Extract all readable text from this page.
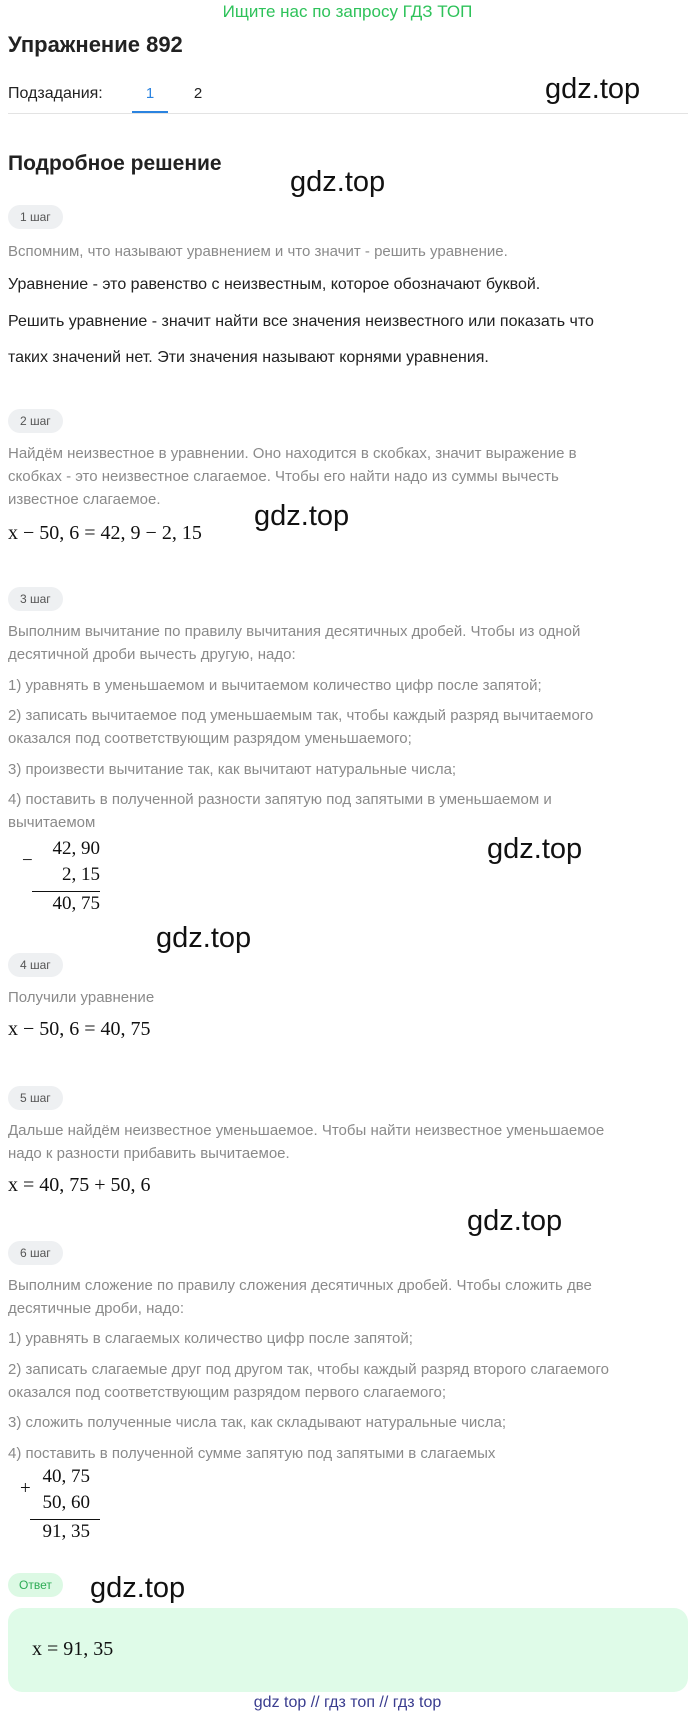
Ищите нас по запросу ГДЗ ТОП
Упражнение 892
Подзадания:	1	2
Подробное решение
gdz.top
gdz.top
gdz.top
gdz.top
gdz.top
gdz.top
gdz.top
1 шаг
Вспомним, что называют уравнением и что значит - решить уравнение.
Уравнение - это равенство с неизвестным, которое обозначают буквой.
Решить уравнение - значит найти все значения неизвестного или показать что
таких значений нет. Эти значения называют корнями уравнения.
2 шаг
Найдём неизвестное в уравнении. Оно находится в скобках, значит выражение в
скобках - это неизвестное слагаемое. Чтобы его найти надо из суммы вычесть
известное слагаемое.
x − 50, 6 = 42, 9 − 2, 15
3 шаг
Выполним вычитание по правилу вычитания десятичных дробей. Чтобы из одной
десятичной дроби вычесть другую, надо:
1) уравнять в уменьшаемом и вычитаемом количество цифр после запятой;
2) записать вычитаемое под уменьшаемым так, чтобы каждый разряд вычитаемого
оказался под соответствующим разрядом уменьшаемого;
3) произвести вычитание так, как вычитают натуральные числа;
4) поставить в полученной разности запятую под запятыми в уменьшаемом и
вычитаемом
−
42, 90
2, 15
40, 75
4 шаг
Получили уравнение
x − 50, 6 = 40, 75
5 шаг
Дальше найдём неизвестное уменьшаемое. Чтобы найти неизвестное уменьшаемое
надо к разности прибавить вычитаемое.
x = 40, 75 + 50, 6
6 шаг
Выполним сложение по правилу сложения десятичных дробей. Чтобы сложить две
десятичные дроби, надо:
1) уравнять в слагаемых количество цифр после запятой;
2) записать слагаемые друг под другом так, чтобы каждый разряд второго слагаемого
оказался под соответствующим разрядом первого слагаемого;
3) сложить полученные числа так, как складывают натуральные числа;
4) поставить в полученной сумме запятую под запятыми в слагаемых
+
40, 75
50, 60
91, 35
Ответ
x = 91, 35
gdz top // гдз топ // гдз top
